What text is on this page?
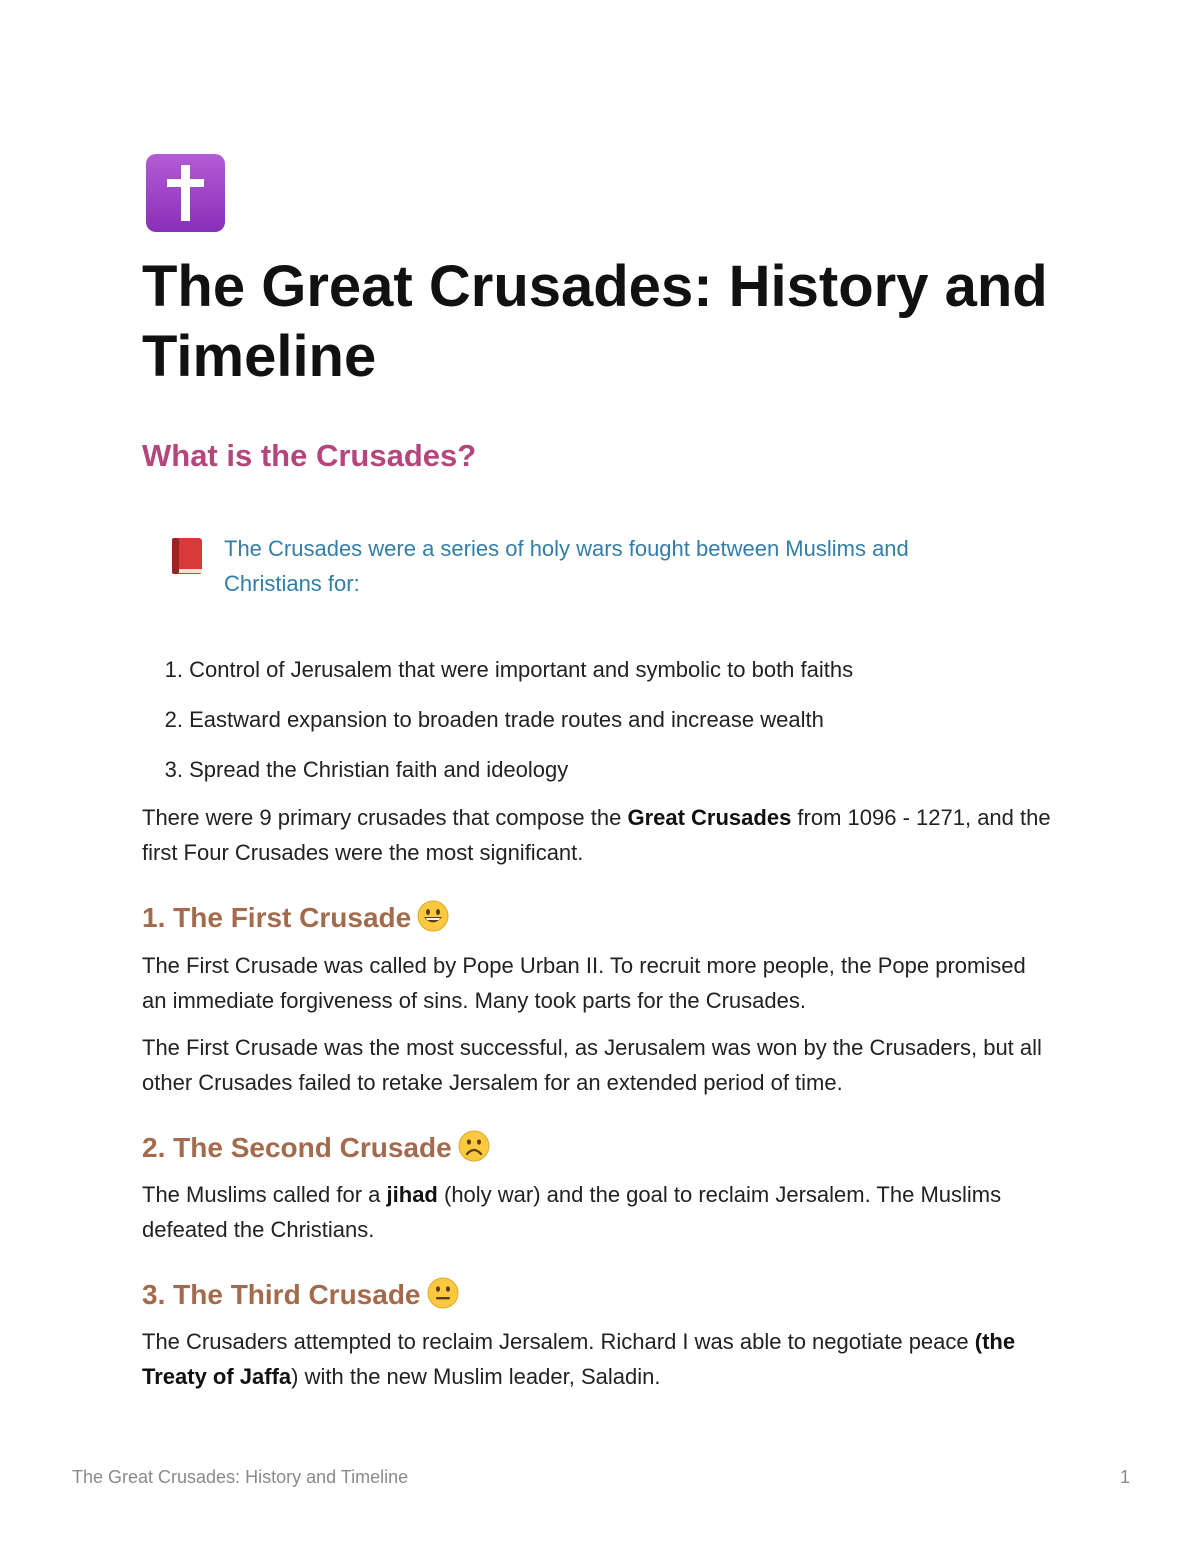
The Great Crusades: History and Timeline
What is the Crusades?
The Crusades were a series of holy wars fought between Muslims and Christians for:
1. Control of Jerusalem that were important and symbolic to both faiths
2. Eastward expansion to broaden trade routes and increase wealth
3. Spread the Christian faith and ideology

There were 9 primary crusades that compose the Great Crusades from 1096 - 1271, and the first Four Crusades were the most significant.

1. The First Crusade

The First Crusade was called by Pope Urban II. To recruit more people, the Pope promised an immediate forgiveness of sins. Many took parts for the Crusades.

The First Crusade was the most successful, as Jerusalem was won by the Crusaders, but all other Crusades failed to retake Jersalem for an extended period of time.

2. The Second Crusade

The Muslims called for a jihad (holy war) and the goal to reclaim Jersalem. The Muslims defeated the Christians.

3. The Third Crusade

The Crusaders attempted to reclaim Jersalem. Richard I was able to negotiate peace (the Treaty of Jaffa) with the new Muslim leader, Saladin.

The Great Crusades: History and Timeline	1
